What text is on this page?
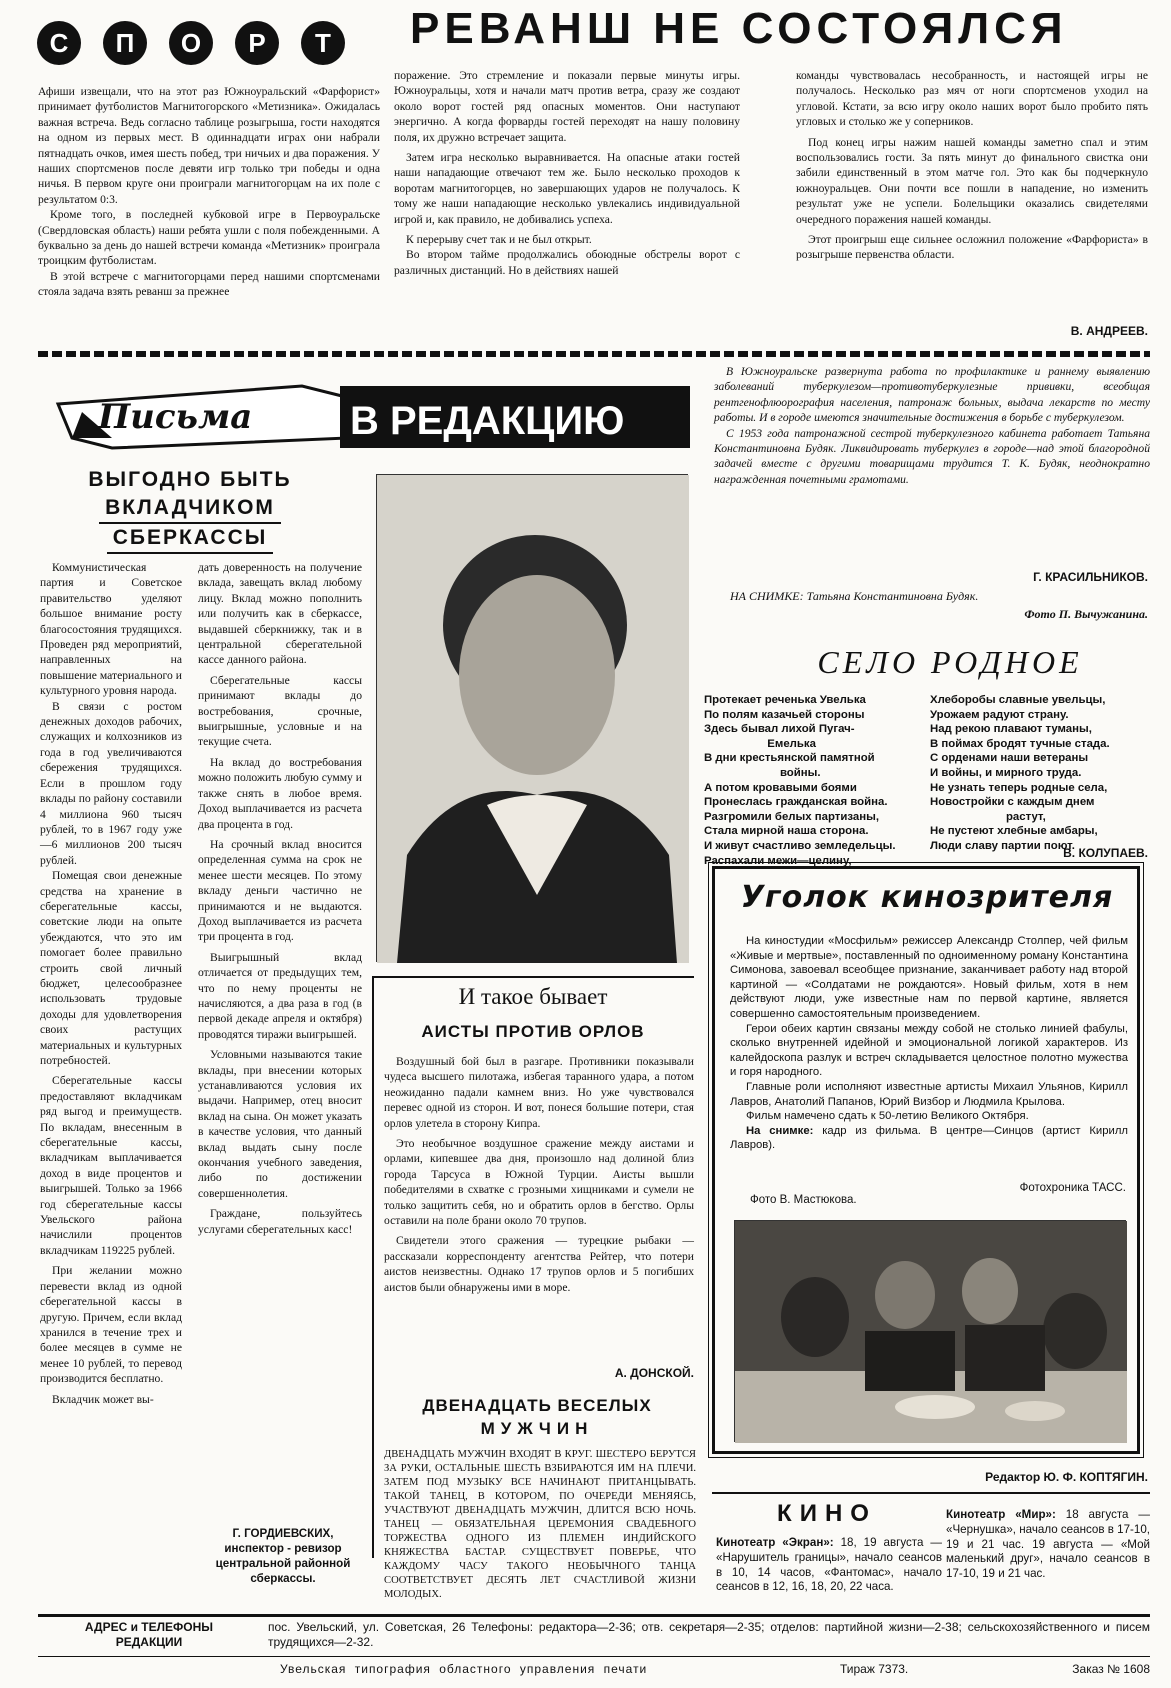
С П О Р Т РЕВАНШ НЕ СОСТОЯЛСЯ

Афиши извещали, что на этот раз Южноуральский «Фарфорист» принимает футболистов Магнитогорского «Метизника». Ожидалась важная встреча. Ведь согласно таблице розыгрыша, гости находятся на одном из первых мест. В одиннадцати играх они набрали пятнадцать очков, имея шесть побед, три ничьих и два поражения. У наших спортсменов после девяти игр только три победы и одна ничья. В первом круге они проиграли магнитогорцам на их поле с результатом 0:3.

Кроме того, в последней кубковой игре в Первоуральске (Свердловская область) наши ребята ушли с поля побежденными. А буквально за день до нашей встречи команда «Метизник» проиграла троицким футболистам.

В этой встрече с магнитогорцами перед нашими спортсменами стояла задача взять реванш за прежнее

поражение. Это стремление и показали первые минуты игры. Южноуральцы, хотя и начали матч против ветра, сразу же создают около ворот гостей ряд опасных моментов. Они наступают энергично. А когда форварды гостей переходят на нашу половину поля, их дружно встречает защита.

Затем игра несколько выравнивается. На опасные атаки гостей наши нападающие отвечают тем же. Было несколько проходов к воротам магнитогорцев, но завершающих ударов не получалось. К тому же наши нападающие несколько увлекались индивидуальной игрой и, как правило, не добивались успеха.

К перерыву счет так и не был открыт.

Во втором тайме продолжались обоюдные обстрелы ворот с различных дистанций. Но в действиях нашей

команды чувствовалась несобранность, и настоящей игры не получалось. Несколько раз мяч от ноги спортсменов уходил на угловой. Кстати, за всю игру около наших ворот было пробито пять угловых и столько же у соперников.

Под конец игры нажим нашей команды заметно спал и этим воспользовались гости. За пять минут до финального свистка они забили единственный в этом матче гол. Это как бы подчеркнуло южноуральцев. Они почти все пошли в нападение, но изменить результат уже не успели. Болельщики оказались свидетелями очередного поражения нашей команды.

Этот проигрыш еще сильнее осложнил положение «Фарфориста» в розыгрыше первенства области.

В. АНДРЕЕВ.
Письма В РЕДАКЦИЮ
ВЫГОДНО БЫТЬ
ВКЛАДЧИКОМ СБЕРКАССЫ

Коммунистическая партия и Советское правительство уделяют большое внимание росту благосостояния трудящихся. Проведен ряд мероприятий, направленных на повышение материального и культурного уровня народа.

В связи с ростом денежных доходов рабочих, служащих и колхозников из года в год увеличиваются сбережения трудящихся. Если в прошлом году вклады по району составили 4 миллиона 960 тысяч рублей, то в 1967 году уже—6 миллионов 200 тысяч рублей.

Помещая свои денежные средства на хранение в сберегательные кассы, советские люди на опыте убеждаются, что это им помогает более правильно строить свой личный бюджет, целесообразнее использовать трудовые доходы для удовлетворения своих растущих материальных и культурных потребностей.

Сберегательные кассы предоставляют вкладчикам ряд выгод и преимуществ. По вкладам, внесенным в сберегательные кассы, вкладчикам выплачивается доход в виде процентов и выигрышей. Только за 1966 год сберегательные кассы Увельского района начислили процентов вкладчикам 119225 рублей.

При желании можно перевести вклад из одной сберегательной кассы в другую. Причем, если вклад хранился в течение трех и более месяцев в сумме не менее 10 рублей, то перевод производится бесплатно.

Вкладчик может вы-

дать доверенность на получение вклада, завещать вклад любому лицу. Вклад можно пополнить или получить как в сберкассе, выдавшей сберкнижку, так и в центральной сберегательной кассе данного района.

Сберегательные кассы принимают вклады до востребования, срочные, выигрышные, условные и на текущие счета.

На вклад до востребования можно положить любую сумму и также снять в любое время. Доход выплачивается из расчета два процента в год.

На срочный вклад вносится определенная сумма на срок не менее шести месяцев. По этому вкладу деньги частично не принимаются и не выдаются. Доход выплачивается из расчета три процента в год.

Выигрышный вклад отличается от предыдущих тем, что по нему проценты не начисляются, а два раза в год (в первой декаде апреля и октября) проводятся тиражи выигрышей.

Условными называются такие вклады, при внесении которых устанавливаются условия их выдачи. Например, отец вносит вклад на сына. Он может указать в качестве условия, что данный вклад выдать сыну после окончания учебного заведения, либо по достижении совершеннолетия.

Граждане, пользуйтесь услугами сберегательных касс!

Г. ГОРДИЕВСКИХ,
инспектор - ревизор центральной районной сберкассы.

В Южноуральске развернута работа по профилактике и раннему выявлению заболеваний туберкулезом—противотуберкулезные прививки, всеобщая рентгенофлюорография населения, патронаж больных, выдача лекарств по месту работы. И в городе имеются значительные достижения в борьбе с туберкулезом.

С 1953 года патронажной сестрой туберкулезного кабинета работает Татьяна Константиновна Будяк. Ликвидировать туберкулез в городе—над этой благородной задачей вместе с другими товарищами трудится Т. К. Будяк, неоднократно награжденная почетными грамотами.

Г. КРАСИЛЬНИКОВ.
НА СНИМКЕ: Татьяна Константиновна Будяк.
Фото П. Вычужанина.
И такое бывает
АИСТЫ ПРОТИВ ОРЛОВ

Воздушный бой был в разгаре. Противники показывали чудеса высшего пилотажа, избегая таранного удара, а потом неожиданно падали камнем вниз. Но уже чувствовался перевес одной из сторон. И вот, понеся большие потери, стая орлов улетела в сторону Кипра.

Это необычное воздушное сражение между аистами и орлами, кипевшее два дня, произошло над долиной близ города Тарсуса в Южной Турции. Аисты вышли победителями в схватке с грозными хищниками и сумели не только защитить себя, но и обратить орлов в бегство. Орлы оставили на поле брани около 70 трупов.

Свидетели этого сражения — турецкие рыбаки — рассказали корреспонденту агентства Рейтер, что потери аистов неизвестны. Однако 17 трупов орлов и 5 погибших аистов были обнаружены ими в море.

А. ДОНСКОЙ.
ДВЕНАДЦАТЬ ВЕСЕЛЫХ
МУЖЧИН
ДВЕНАДЦАТЬ МУЖЧИН ВХОДЯТ В КРУГ. ШЕСТЕРО БЕРУТСЯ ЗА РУКИ, ОСТАЛЬНЫЕ ШЕСТЬ ВЗБИРАЮТСЯ ИМ НА ПЛЕЧИ. ЗАТЕМ ПОД МУЗЫКУ ВСЕ НАЧИНАЮТ ПРИТАНЦЫВАТЬ. ТАКОЙ ТАНЕЦ, В КОТОРОМ, ПО ОЧЕРЕДИ МЕНЯЯСЬ, УЧАСТВУЮТ ДВЕНАДЦАТЬ МУЖЧИН, ДЛИТСЯ ВСЮ НОЧЬ. ТАНЕЦ — ОБЯЗАТЕЛЬНАЯ ЦЕРЕМОНИЯ СВАДЕБНОГО ТОРЖЕСТВА ОДНОГО ИЗ ПЛЕМЕН ИНДИЙСКОГО КНЯЖЕСТВА БАСТАР. СУЩЕСТВУЕТ ПОВЕРЬЕ, ЧТО КАЖДОМУ ЧАСУ ТАКОГО НЕОБЫЧНОГО ТАНЦА СООТВЕТСТВУЕТ ДЕСЯТЬ ЛЕТ СЧАСТЛИВОЙ ЖИЗНИ МОЛОДЫХ.
СЕЛО РОДНОЕ
Протекает реченька Увелька
По полям казачьей стороны
Здесь бывал лихой Пугач-
Емелька
В дни крестьянской памятной
войны.
А потом кровавыми боями
Пронеслась гражданская война.
Разгромили белых партизаны,
Стала мирной наша сторона.
И живут счастливо земледельцы.
Распахали межи—целину,
Хлеборобы славные увельцы,
Урожаем радуют страну.
Над рекою плавают туманы,
В поймах бродят тучные стада.
С орденами наши ветераны
И войны, и мирного труда.
Не узнать теперь родные села,
Новостройки с каждым днем
растут,
Не пустеют хлебные амбары,
Люди славу партии поют.
В. КОЛУПАЕВ.
Уголок кинозрителя

На киностудии «Мосфильм» режиссер Александр Столпер, чей фильм «Живые и мертвые», поставленный по одноименному роману Константина Симонова, завоевал всеобщее признание, заканчивает работу над второй картиной — «Солдатами не рождаются». Новый фильм, хотя в нем действуют люди, уже известные нам по первой картине, является совершенно самостоятельным произведением.

Герои обеих картин связаны между собой не столько линией фабулы, сколько внутренней идейной и эмоциональной логикой характеров. Из калейдоскопа разлук и встреч складывается целостное полотно мужества и горя народного.

Главные роли исполняют известные артисты Михаил Ульянов, Кирилл Лавров, Анатолий Папанов, Юрий Визбор и Людмила Крылова.

Фильм намечено сдать к 50-летию Великого Октября.

На снимке: кадр из фильма. В центре—Синцов (артист Кирилл Лавров).

Фотохроника ТАСС.
Фото В. Мастюкова.
Редактор Ю. Ф. КОПТЯГИН.
КИНО
Кинотеатр «Экран»: 18, 19 августа — «Нарушитель границы», начало сеансов в 10, 14 часов, «Фантомас», начало сеансов в 12, 16, 18, 20, 22 часа.
Кинотеатр «Мир»: 18 августа — «Чернушка», начало сеансов в 17-10, 19 и 21 час. 19 августа — «Мой маленький друг», начало сеансов в 17-10, 19 и 21 час.
АДРЕС и ТЕЛЕФОНЫ
РЕДАКЦИИ
пос. Увельский, ул. Советская, 26 Телефоны: редактора—2-36; отв. секретаря—2-35; отделов: партийной жизни—2-38; сельскохозяйственного и писем трудящихся—2-32.
Увельская типография областного управления печати	Тираж 7373.	Заказ № 1608
